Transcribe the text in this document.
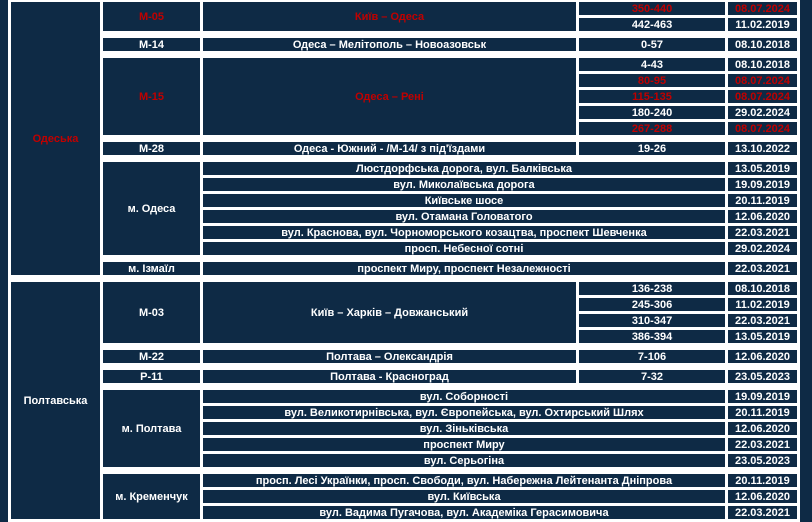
Одеська
М-05	Київ – Одеса
350-440	08.07.2024
442-463	11.02.2019
М-14	Одеса – Мелітополь – Новоазовськ	0-57	08.10.2018
М-15	Одеса – Рені
4-43	08.10.2018
80-95	08.07.2024
115-135	08.07.2024
180-240	29.02.2024
267-288	08.07.2024
М-28	Одеса - Южний - /М-14/ з під'їздами	19-26	13.10.2022
м. Одеса
Люстдорфська дорога, вул. Балківська	13.05.2019
вул. Миколаївська дорога	19.09.2019
Київське шосе	20.11.2019
вул. Отамана Головатого	12.06.2020
вул. Краснова, вул. Чорноморського козацтва, проспект Шевченка	22.03.2021
просп. Небесної сотні	29.02.2024
м. Ізмаїл	проспект Миру, проспект Незалежності	22.03.2021
Полтавська
М-03	Київ – Харків – Довжанський
136-238	08.10.2018
245-306	11.02.2019
310-347	22.03.2021
386-394	13.05.2019
М-22	Полтава – Олександрія	7-106	12.06.2020
Р-11	Полтава - Красноград	7-32	23.05.2023
м. Полтава
вул. Соборності	19.09.2019
вул. Великотирнівська, вул. Європейська, вул. Охтирський Шлях	20.11.2019
вул. Зіньківська	12.06.2020
проспект Миру	22.03.2021
вул. Серьогіна	23.05.2023
м. Кременчук
просп. Лесі Українки, просп. Свободи, вул. Набережна Лейтенанта Дніпрова	20.11.2019
вул. Київська	12.06.2020
вул. Вадима Пугачова, вул. Академіка Герасимовича	22.03.2021
